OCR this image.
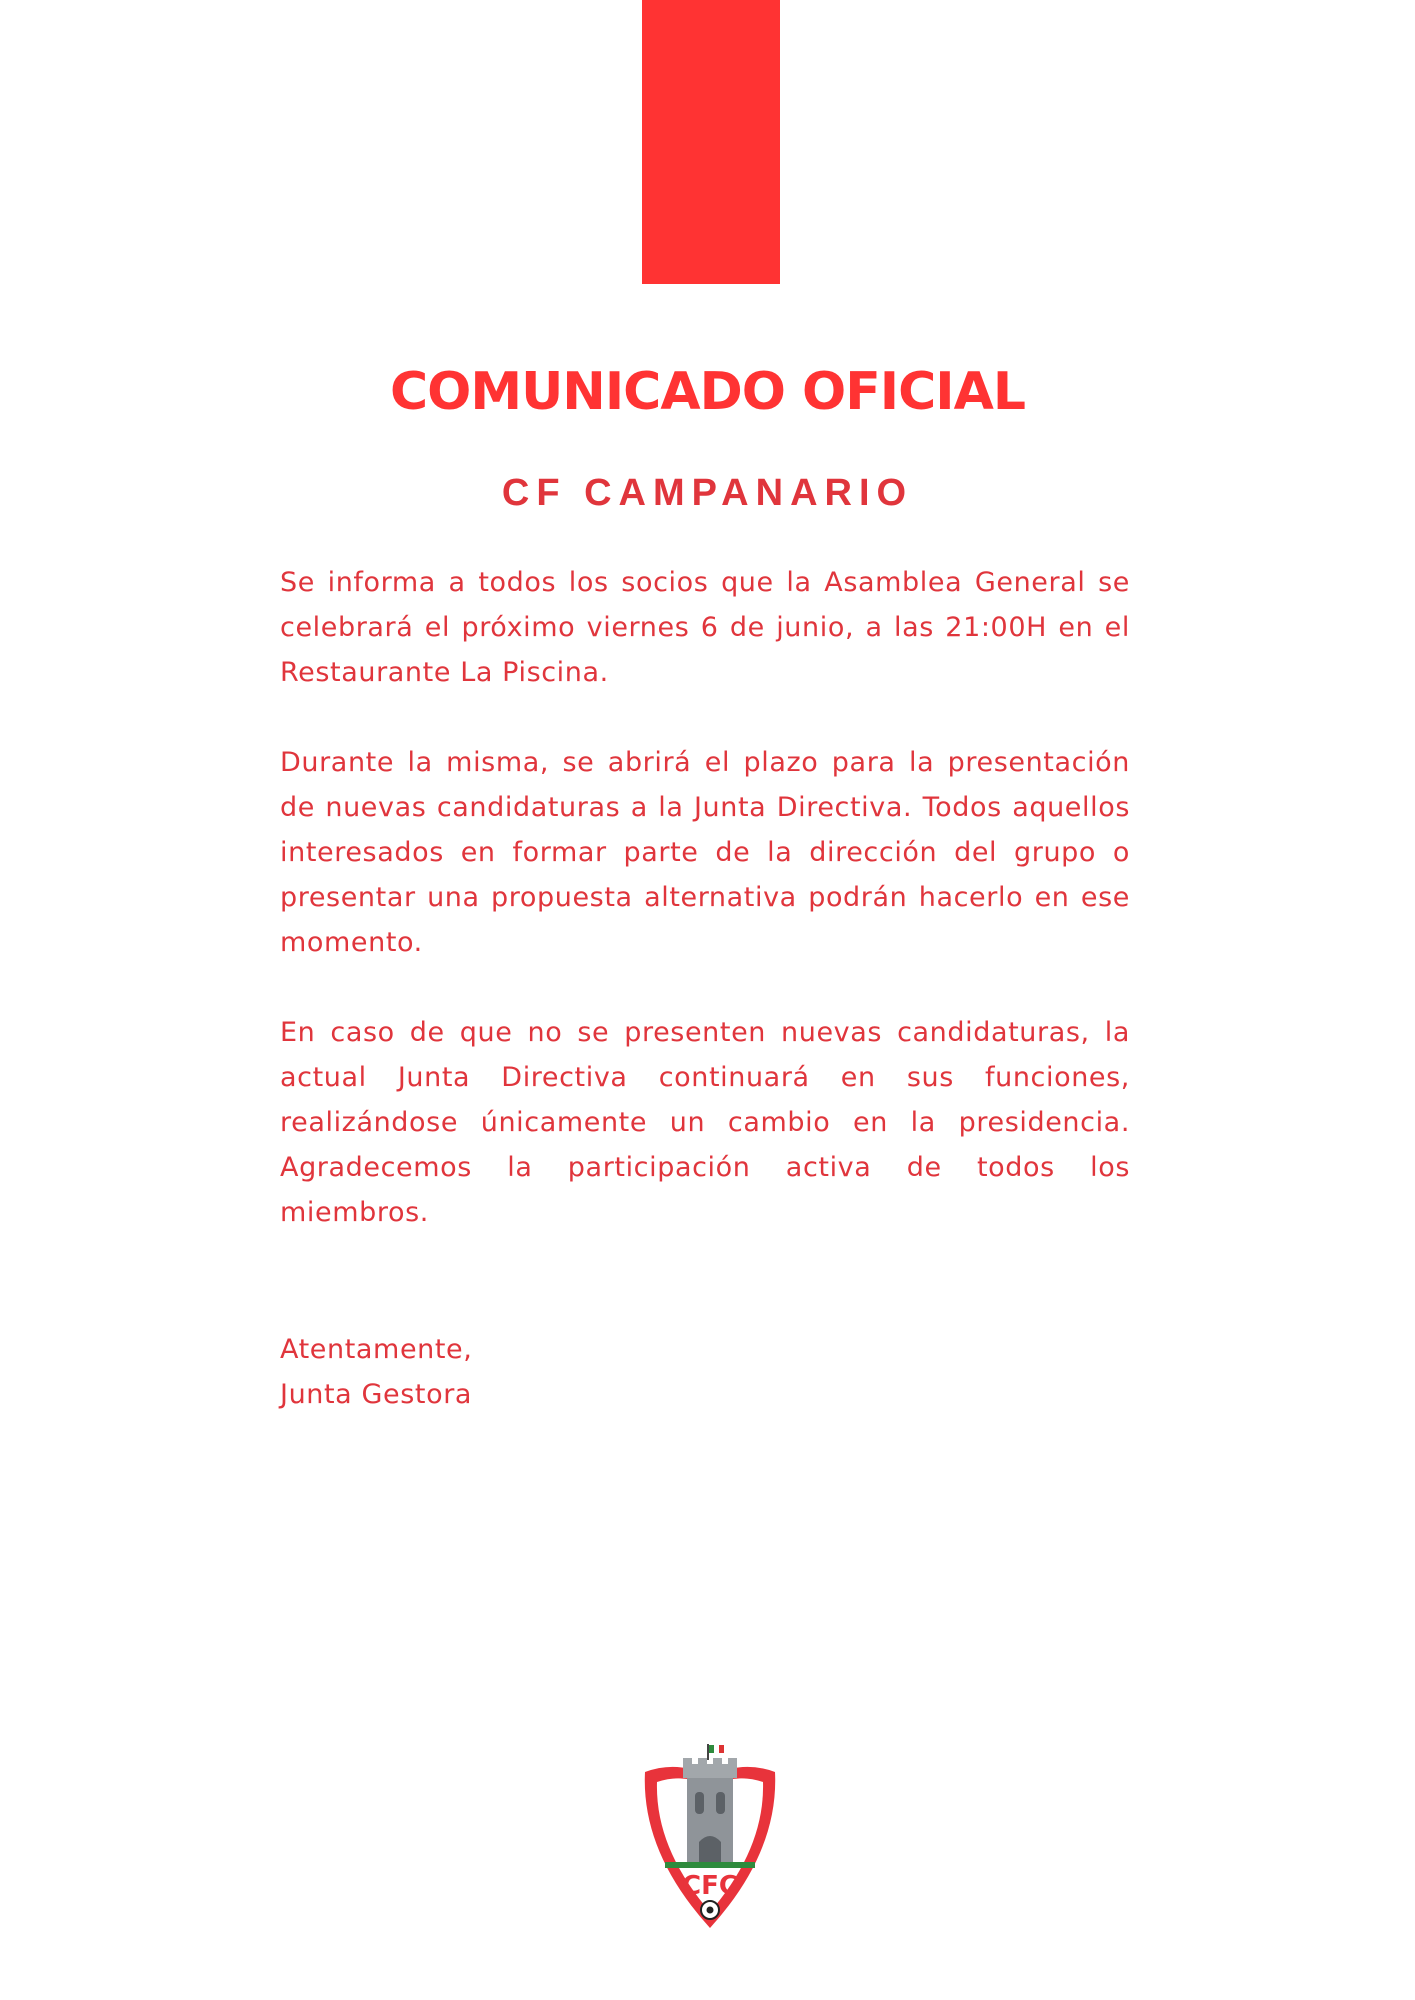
COMUNICADO OFICIAL
CF CAMPANARIO

Se informa a todos los socios que la Asamblea General se celebrará el próximo viernes 6 de junio, a las 21:00H en el Restaurante La Piscina.

Durante la misma, se abrirá el plazo para la presentación de nuevas candidaturas a la Junta Directiva. Todos aquellos interesados en formar parte de la dirección del grupo o presentar una propuesta alternativa podrán hacerlo en ese momento.

En caso de que no se presenten nuevas candidaturas, la actual Junta Directiva continuará en sus funciones, realizándose únicamente un cambio en la presidencia. Agradecemos la participación activa de todos los miembros.

Atentamente,
Junta Gestora
CFC
